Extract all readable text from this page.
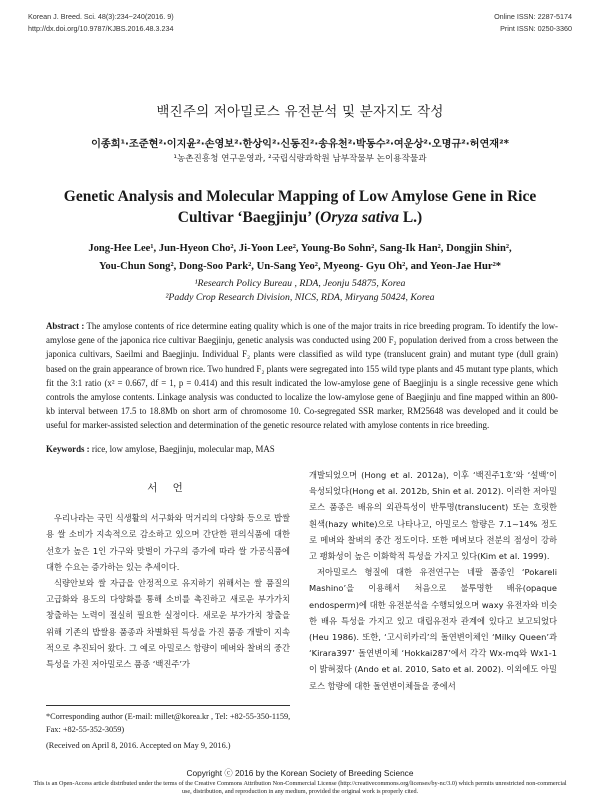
Korean J. Breed. Sci. 48(3):234~240(2016. 9)
http://dx.doi.org/10.9787/KJBS.2016.48.3.234
Online ISSN: 2287-5174
Print ISSN: 0250-3360
백진주의 저아밀로스 유전분석 및 분자지도 작성
이종희¹·조준현²·이지윤²·손영보²·한상익²·신동진²·송유천²·박동수²·여운상²·오명규²·허연재²*
¹농촌진흥청 연구운영과, ²국립식량과학원 남부작물부 논이용작물과
Genetic Analysis and Molecular Mapping of Low Amylose Gene in Rice
Cultivar ‘Baegjinju’ (Oryza sativa L.)
Jong-Hee Lee¹, Jun-Hyeon Cho², Ji-Yoon Lee², Young-Bo Sohn², Sang-Ik Han², Dongjin Shin²,
You-Chun Song², Dong-Soo Park², Un-Sang Yeo², Myeong- Gyu Oh², and Yeon-Jae Hur²*
¹Research Policy Bureau , RDA, Jeonju 54875, Korea
²Paddy Crop Research Division, NICS, RDA, Miryang 50424, Korea
Abstract : The amylose contents of rice determine eating quality which is one of the major traits in rice breeding program. To identify the low-amylose gene of the japonica rice cultivar Baegjinju, genetic analysis was conducted using 200 F₂ population derived from a cross between the japonica cultivars, Saeilmi and Baegjinju. Individual F₂ plants were classified as wild type (translucent grain) and mutant type (dull grain) based on the grain appearance of brown rice. Two hundred F₂ plants were segregated into 155 wild type plants and 45 mutant type plants, which fit the 3:1 ratio (x² = 0.667, df = 1, p = 0.414) and this result indicated the low-amylose gene of Baegjinju is a single recessive gene which controls the amylose contents. Linkage analysis was conducted to localize the low-amylose gene of Baegjinju and fine mapped within an 800-kb interval between 17.5 to 18.8Mb on short arm of chromosome 10. Co-segregated SSR marker, RM25648 was developed and it could be useful for marker-assisted selection and determination of the genetic resource related with amylose contents in rice breeding.
Keywords : rice, low amylose, Baegjinju, molecular map, MAS
서 언

우리나라는 국민 식생활의 서구화와 먹거리의 다양화 등으로 밥쌀용 쌀 소비가 지속적으로 감소하고 있으며 간단한 편의식품에 대한 선호가 높은 1인 가구와 맞벌이 가구의 증가에 따라 쌀 가공식품에 대한 수요는 증가하는 있는 추세이다.

식량안보와 쌀 자급을 안정적으로 유지하기 위해서는 쌀 품질의 고급화와 용도의 다양화를 통해 소비를 촉진하고 새로운 부가가치 창출하는 노력이 절실히 필요한 실정이다. 새로운 부가가치 창출을 위해 기존의 밥쌀용 품종과 차별화된 특성을 가진 품종 개발이 지속적으로 추진되어 왔다. 그 예로 아밀로스 함량이 메벼와 찰벼의 중간특성을 가진 저아밀로스 품종 ‘백진주’가

개발되었으며 (Hong et al. 2012a), 이후 ‘백진주1호’와 ‘설백’이 육성되었다(Hong et al. 2012b, Shin et al. 2012). 이러한 저아밀로스 품종은 배유의 외관특성이 반투명(translucent) 또는 흐릿한 흰색(hazy white)으로 나타나고, 아밀로스 함량은 7.1~14% 정도로 메벼와 찰벼의 중간 정도이다. 또한 메벼보다 전분의 점성이 강하고 팽화성이 높은 이화학적 특성을 가지고 있다(Kim et al. 1999).

저아밀로스 형질에 대한 유전연구는 네팔 품종인 ‘Pokareli Mashino’을 이용해서 처음으로 불투명한 배유(opaque endosperm)에 대한 유전분석을 수행되었으며 waxy 유전자와 비슷한 배유 특성을 가지고 있고 대립유전자 관계에 있다고 보고되었다 (Heu 1986). 또한, ‘고시히카리’의 돌연변이체인 ‘Milky Queen’과 ‘Kirara397’ 돌연변이체 ‘Hokkai287’에서 각각 Wx-mq와 Wx1-1이 밝혀졌다 (Ando et al. 2010, Sato et al. 2002). 이외에도 아밀로스 함량에 대한 돌연변이체들을 중에서

*Corresponding author (E-mail: millet@korea.kr , Tel: +82-55-350-1159, Fax: +82-55-352-3059)
(Received on April 8, 2016. Accepted on May 9, 2016.)
Copyright ⓒ 2016 by the Korean Society of Breeding Science
This is an Open-Access article distributed under the terms of the Creative Commons Attribution Non-Commercial License (http://creativecommons.org/licenses/by-nc/3.0) which permits unrestricted non-commercial use, distribution, and reproduction in any medium, provided the original work is properly cited.
